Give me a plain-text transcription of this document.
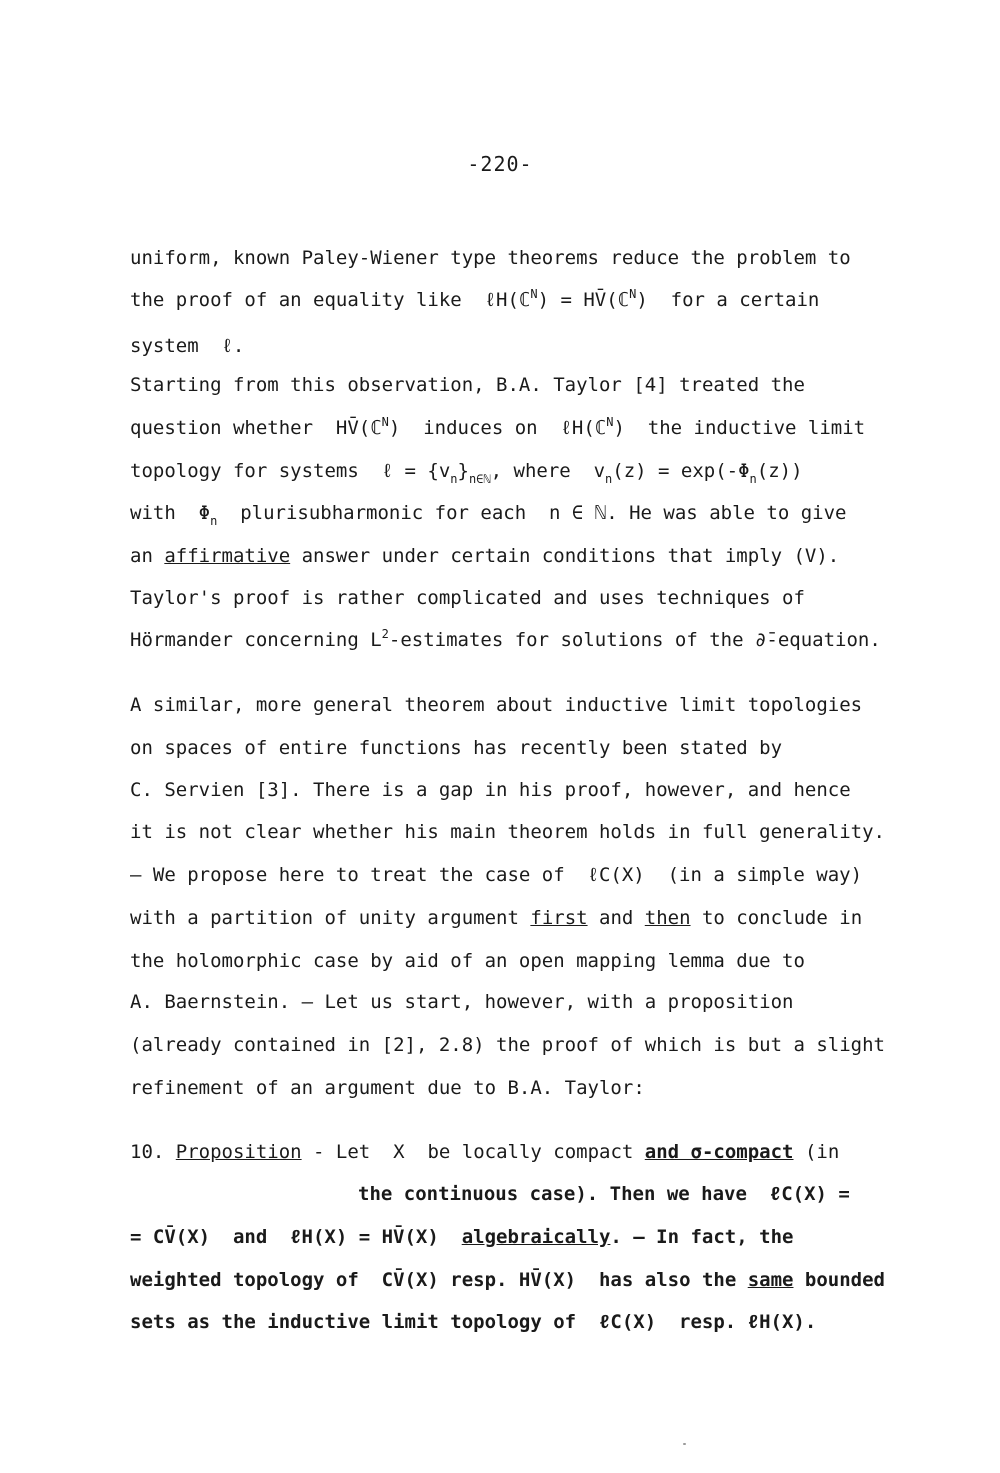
-220-
uniform, known Paley-Wiener type theorems reduce the problem to
the proof of an equality like  ℓH(ℂ$^N$) = HV̄(ℂ$^N$)  for a certain
system  ℓ.
Starting from this observation, B.A. Taylor [4] treated the
question whether  HV̄(ℂ$^N$)  induces on  ℓH(ℂ$^N$)  the inductive limit
topology for systems  ℓ = $\{v_n\}_{n\in ℕ}$, where  $v_n(z) = \exp(-\Phi_n(z))$
with  $\Phi_n$  plurisubharmonic for each  n ∈ ℕ. He was able to give
an affirmative answer under certain conditions that imply (V).
Taylor's proof is rather complicated and uses techniques of
Hörmander concerning $L^2$-estimates for solutions of the ∂̄-equation.
A similar, more general theorem about inductive limit topologies
on spaces of entire functions has recently been stated by
C. Servien [3]. There is a gap in his proof, however, and hence
it is not clear whether his main theorem holds in full generality.
— We propose here to treat the case of  ℓC(X)  (in a simple way)
with a partition of unity argument first and then to conclude in
the holomorphic case by aid of an open mapping lemma due to
A. Baernstein. — Let us start, however, with a proposition
(already contained in [2], 2.8) the proof of which is but a slight
refinement of an argument due to B.A. Taylor:
10. Proposition - Let  X  be locally compact and σ-compact (in
the continuous case). Then we have  ℓC(X) =
= CV̄(X)  and  ℓH(X) = HV̄(X)  algebraically. — In fact, the
weighted topology of  CV̄(X) resp. HV̄(X)  has also the same bounded
sets as the inductive limit topology of  ℓC(X)  resp. ℓH(X).
